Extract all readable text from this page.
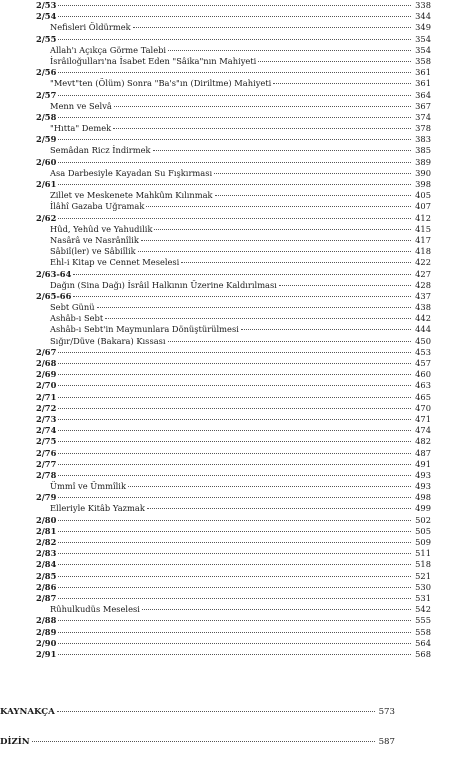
2/53	338
2/54	344
Nefisleri Öldürmek	349
2/55	354
Allah'ı Açıkça Görme Talebi	354
İsrâiloğulları'na İsabet Eden "Sâika"nın Mahiyeti	358
2/56	361
"Mevt"ten (Ölüm) Sonra "Ba's"ın (Diriltme) Mahiyeti	361
2/57	364
Menn ve Selvâ	367
2/58	374
"Hıtta" Demek	378
2/59	383
Semâdan Ricz İndirmek	385
2/60	389
Asa Darbesiyle Kayadan Su Fışkırması	390
2/61	398
Zillet ve Meskenete Mahkûm Kılınmak	405
İlâhî Gazaba Uğramak	407
2/62	412
Hûd, Yehûd ve Yahudilik	415
Nasârâ ve Nasrânîlik	417
Sâbiî(ler) ve Sâbiîlik	418
Ehl-i Kitap ve Cennet Meselesi	422
2/63-64	427
Dağın (Sina Dağı) İsrâil Halkının Üzerine Kaldırılması	428
2/65-66	437
Sebt Günü	438
Ashâb-ı Sebt	442
Ashâb-ı Sebt'in Maymunlara Dönüştürülmesi	444
Sığır/Düve (Bakara) Kıssası	450
2/67	453
2/68	457
2/69	460
2/70	463
2/71	465
2/72	470
2/73	471
2/74	474
2/75	482
2/76	487
2/77	491
2/78	493
Ümmî ve Ümmîlik	493
2/79	498
Elleriyle Kitâb Yazmak	499
2/80	502
2/81	505
2/82	509
2/83	511
2/84	518
2/85	521
2/86	530
2/87	531
Rûhulkudüs Meselesi	542
2/88	555
2/89	558
2/90	564
2/91	568
KAYNAKÇA	573
DİZİN	587
